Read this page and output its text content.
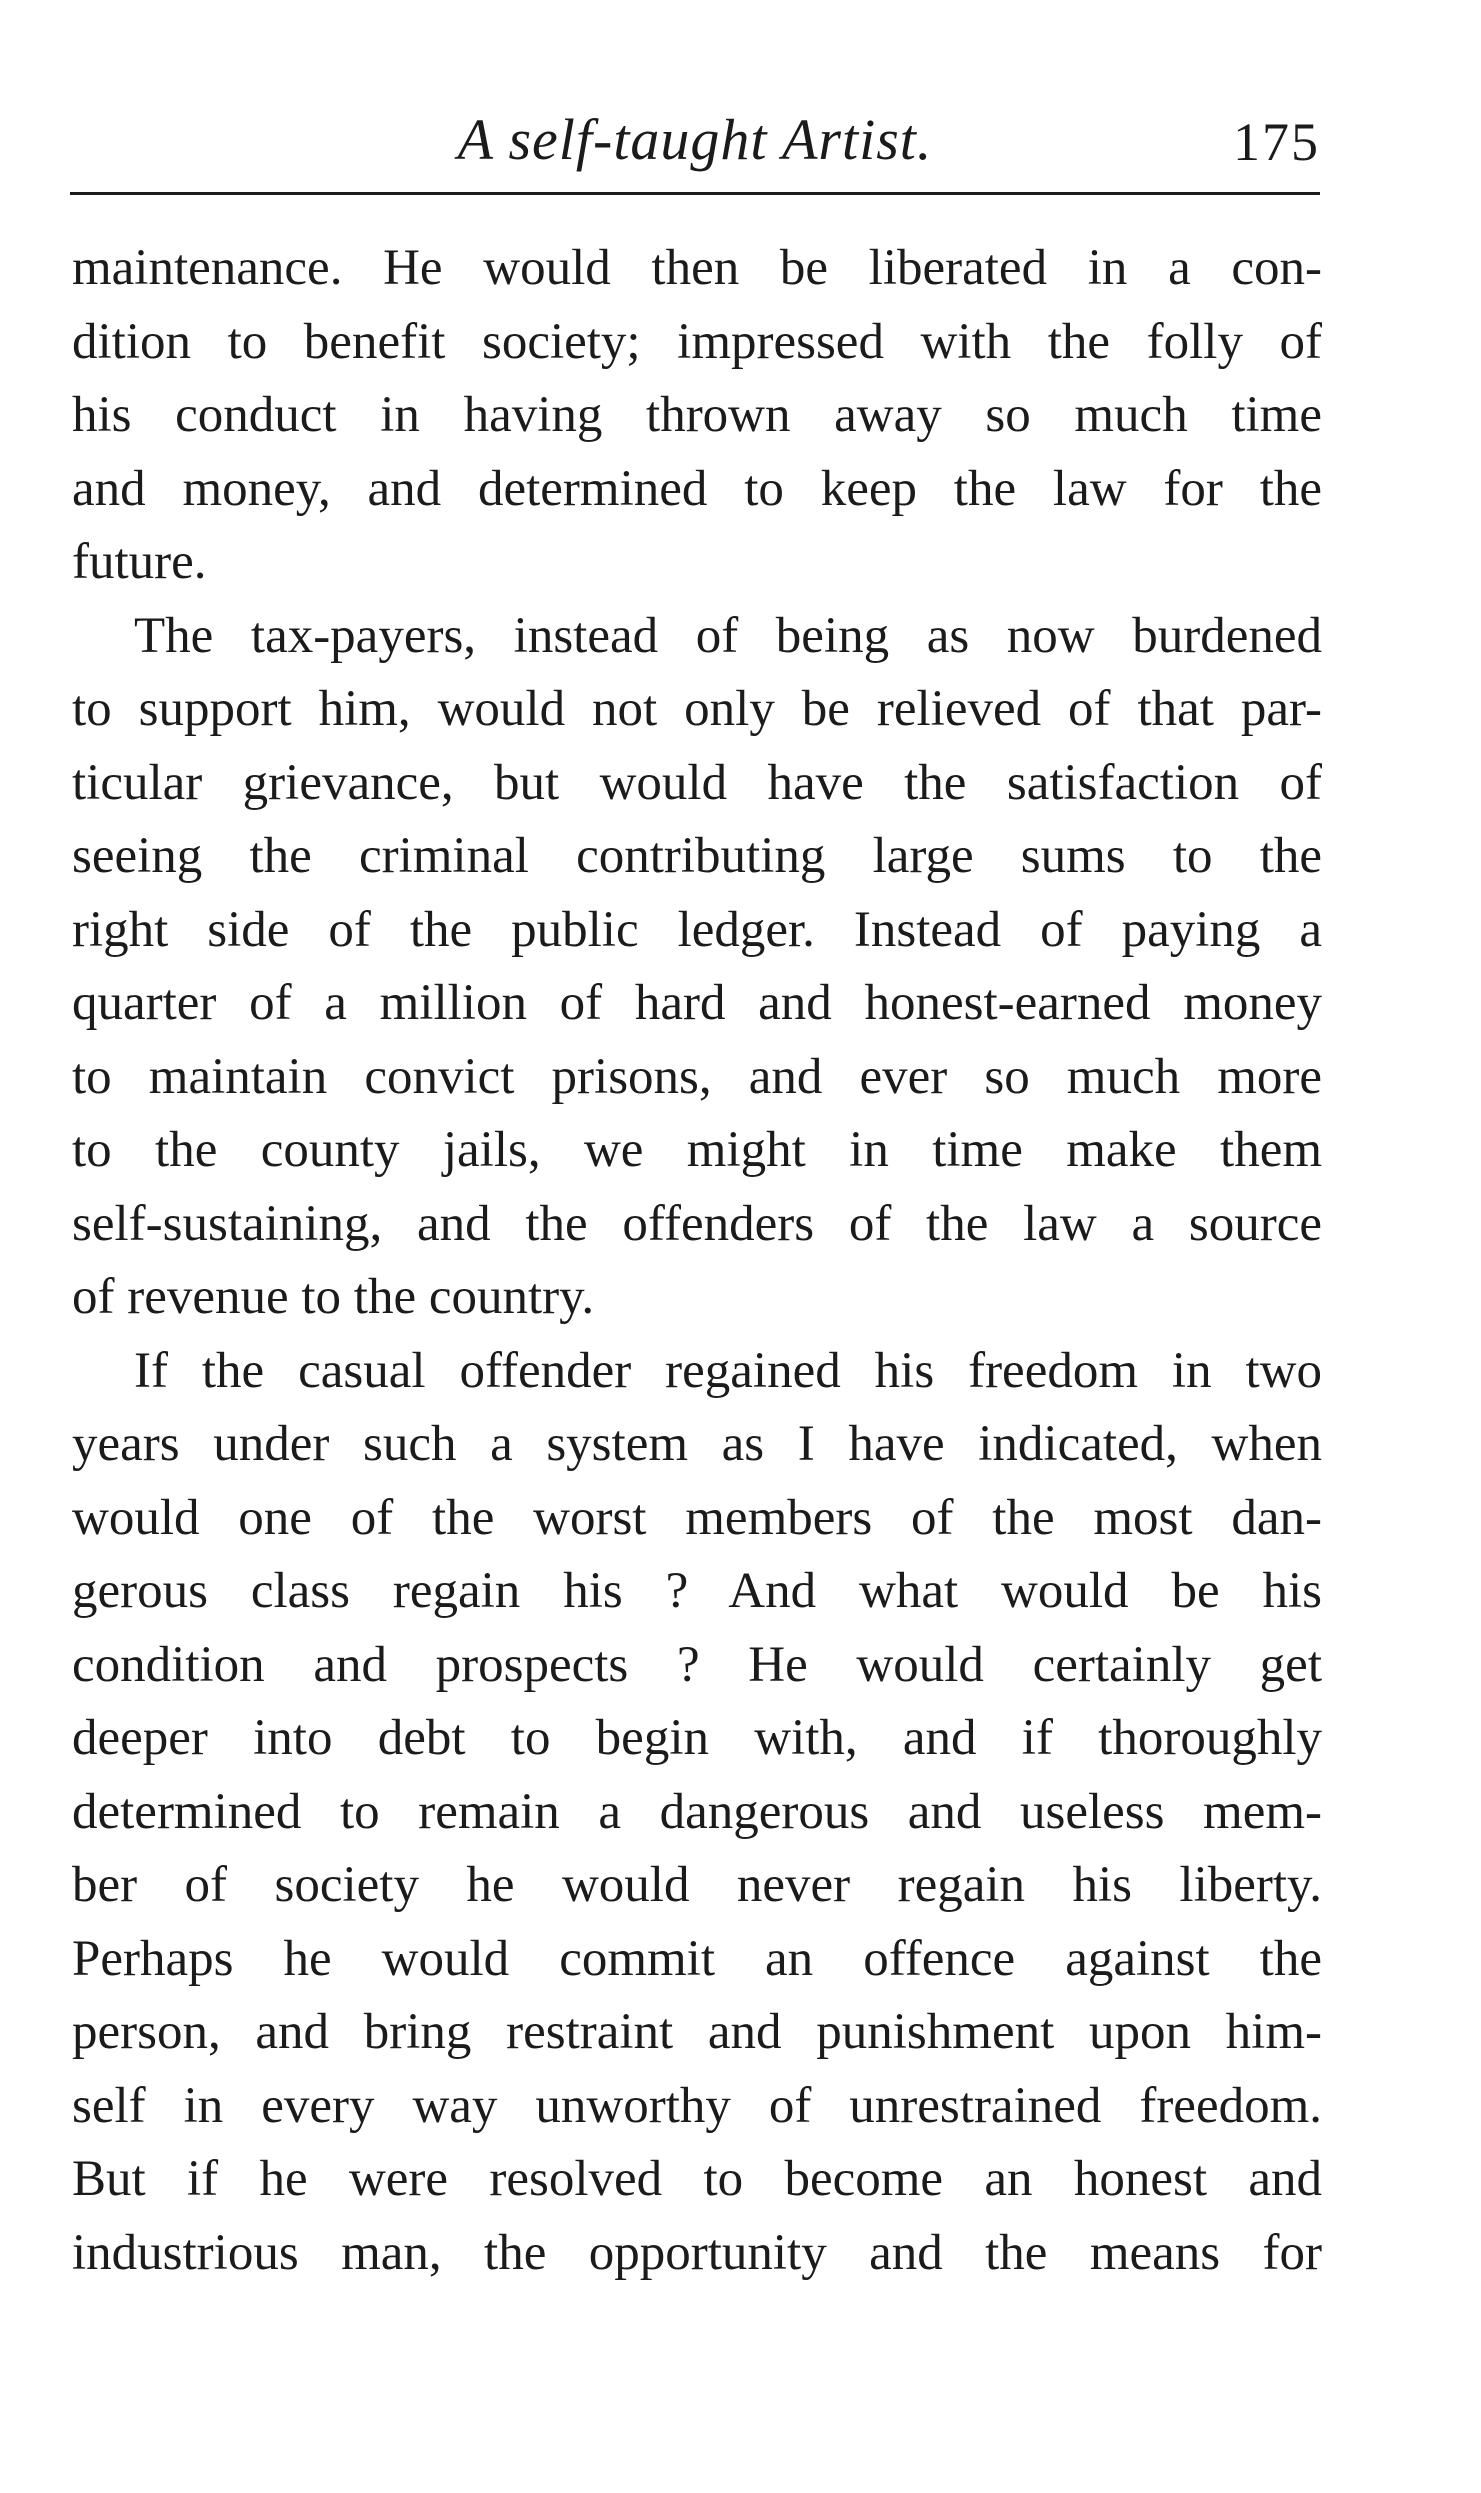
A self-taught Artist.	175
maintenance. He would then be liberated in a con-
dition to benefit society; impressed with the folly of
his conduct in having thrown away so much time
and money, and determined to keep the law for the
future.
The tax-payers, instead of being as now burdened
to support him, would not only be relieved of that par-
ticular grievance, but would have the satisfaction of
seeing the criminal contributing large sums to the
right side of the public ledger. Instead of paying a
quarter of a million of hard and honest-earned money
to maintain convict prisons, and ever so much more
to the county jails, we might in time make them
self-sustaining, and the offenders of the law a source
of revenue to the country.
If the casual offender regained his freedom in two
years under such a system as I have indicated, when
would one of the worst members of the most dan-
gerous class regain his ? And what would be his
condition and prospects ? He would certainly get
deeper into debt to begin with, and if thoroughly
determined to remain a dangerous and useless mem-
ber of society he would never regain his liberty.
Perhaps he would commit an offence against the
person, and bring restraint and punishment upon him-
self in every way unworthy of unrestrained freedom.
But if he were resolved to become an honest and
industrious man, the opportunity and the means for
